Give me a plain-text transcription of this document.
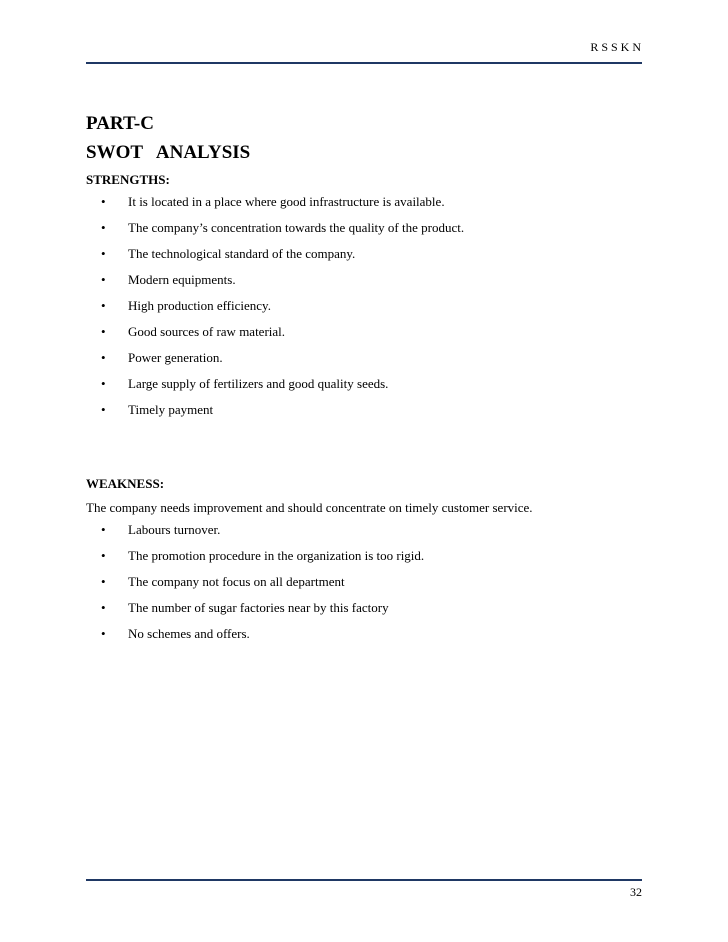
RSSKN
PART-C
SWOT   ANALYSIS
STRENGTHS:
• It is located in a place where good infrastructure is available.
• The company’s concentration towards the quality of the product.
• The technological standard of the company.
• Modern equipments.
• High production efficiency.
• Good sources of raw material.
• Power generation.
• Large supply of fertilizers and good quality seeds.
• Timely payment
WEAKNESS:

The company needs improvement and should concentrate on timely customer service.

• Labours turnover.
• The promotion procedure in the organization is too rigid.
• The company not focus on all department
• The number of sugar factories near by this factory
• No schemes and offers.
32
